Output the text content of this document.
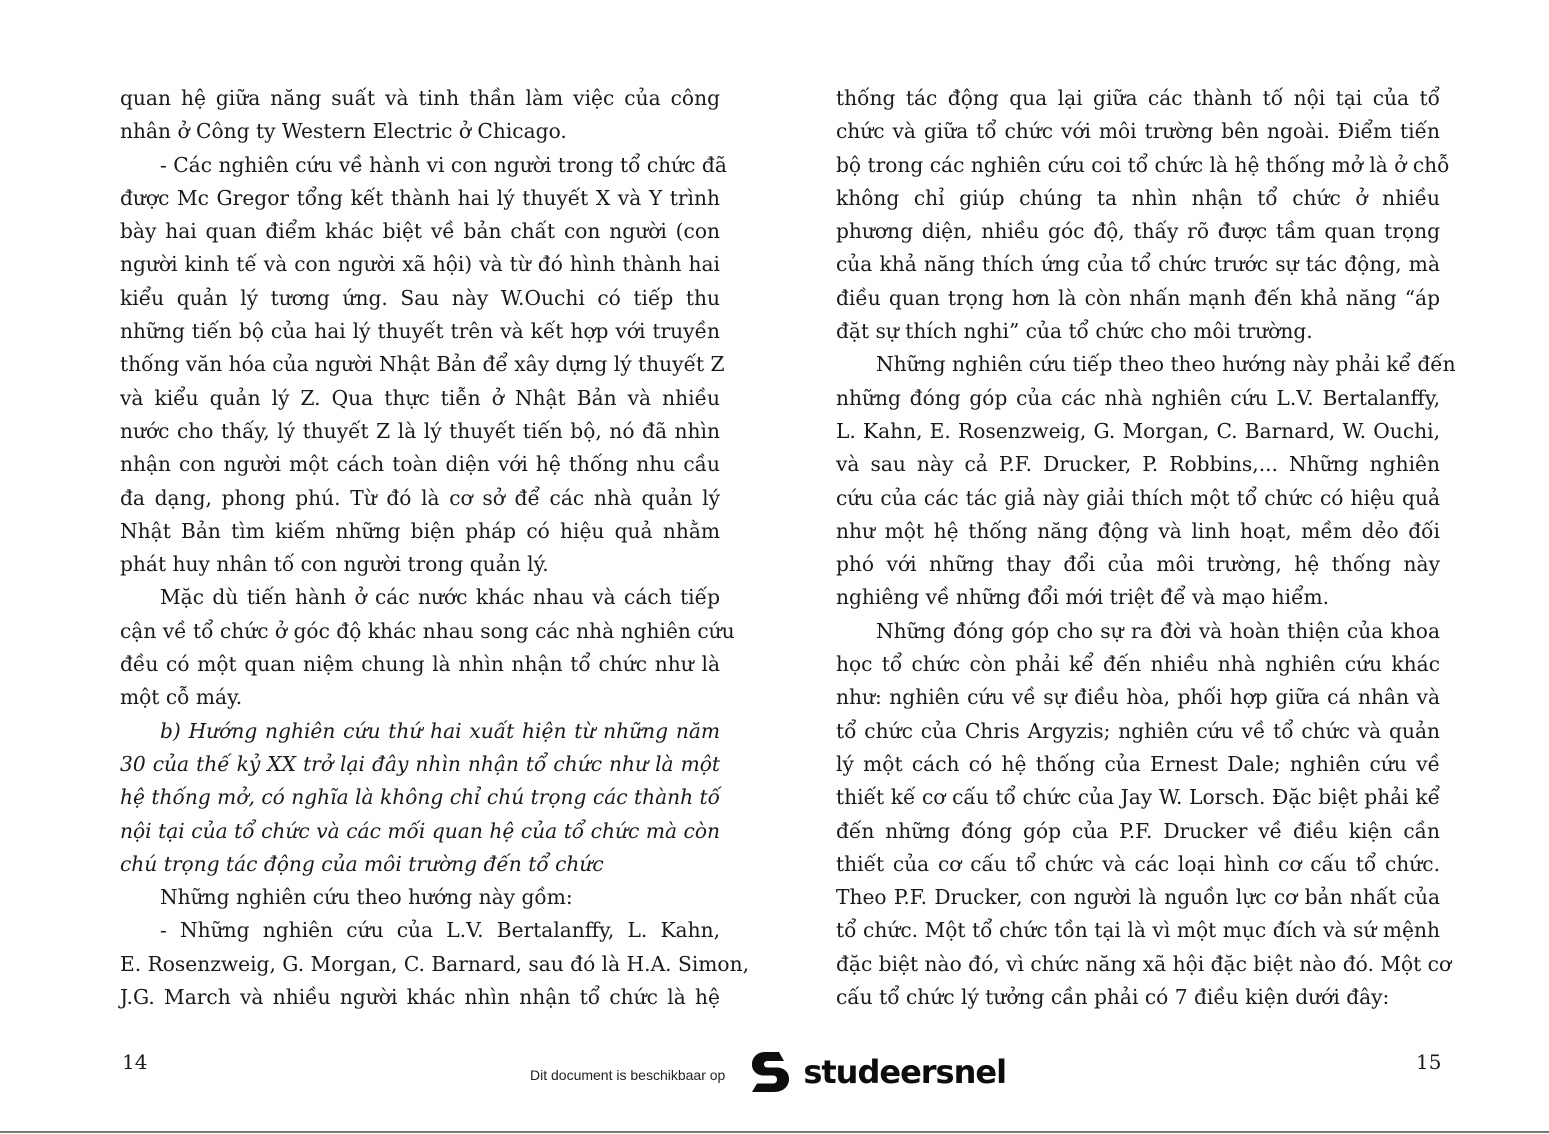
quan hệ giữa năng suất và tinh thần làm việc của công
nhân ở Công ty Western Electric ở Chicago.
- Các nghiên cứu về hành vi con người trong tổ chức đã
được Mc Gregor tổng kết thành hai lý thuyết X và Y trình
bày hai quan điểm khác biệt về bản chất con người (con
người kinh tế và con người xã hội) và từ đó hình thành hai
kiểu quản lý tương ứng. Sau này W.Ouchi có tiếp thu
những tiến bộ của hai lý thuyết trên và kết hợp với truyền
thống văn hóa của người Nhật Bản để xây dựng lý thuyết Z
và kiểu quản lý Z. Qua thực tiễn ở Nhật Bản và nhiều
nước cho thấy, lý thuyết Z là lý thuyết tiến bộ, nó đã nhìn
nhận con người một cách toàn diện với hệ thống nhu cầu
đa dạng, phong phú. Từ đó là cơ sở để các nhà quản lý
Nhật Bản tìm kiếm những biện pháp có hiệu quả nhằm
phát huy nhân tố con người trong quản lý.
Mặc dù tiến hành ở các nước khác nhau và cách tiếp
cận về tổ chức ở góc độ khác nhau song các nhà nghiên cứu
đều có một quan niệm chung là nhìn nhận tổ chức như là
một cỗ máy.
b) Hướng nghiên cứu thứ hai xuất hiện từ những năm
30 của thế kỷ XX trở lại đây nhìn nhận tổ chức như là một
hệ thống mở, có nghĩa là không chỉ chú trọng các thành tố
nội tại của tổ chức và các mối quan hệ của tổ chức mà còn
chú trọng tác động của môi trường đến tổ chức
Những nghiên cứu theo hướng này gồm:
- Những nghiên cứu của L.V. Bertalanffy, L. Kahn,
E. Rosenzweig, G. Morgan, C. Barnard, sau đó là H.A. Simon,
J.G. March và nhiều người khác nhìn nhận tổ chức là hệ
thống tác động qua lại giữa các thành tố nội tại của tổ
chức và giữa tổ chức với môi trường bên ngoài. Điểm tiến
bộ trong các nghiên cứu coi tổ chức là hệ thống mở là ở chỗ
không chỉ giúp chúng ta nhìn nhận tổ chức ở nhiều
phương diện, nhiều góc độ, thấy rõ được tầm quan trọng
của khả năng thích ứng của tổ chức trước sự tác động, mà
điều quan trọng hơn là còn nhấn mạnh đến khả năng “áp
đặt sự thích nghi” của tổ chức cho môi trường.
Những nghiên cứu tiếp theo theo hướng này phải kể đến
những đóng góp của các nhà nghiên cứu L.V. Bertalanffy,
L. Kahn, E. Rosenzweig, G. Morgan, C. Barnard, W. Ouchi,
và sau này cả P.F. Drucker, P. Robbins,... Những nghiên
cứu của các tác giả này giải thích một tổ chức có hiệu quả
như một hệ thống năng động và linh hoạt, mềm dẻo đối
phó với những thay đổi của môi trường, hệ thống này
nghiêng về những đổi mới triệt để và mạo hiểm.
Những đóng góp cho sự ra đời và hoàn thiện của khoa
học tổ chức còn phải kể đến nhiều nhà nghiên cứu khác
như: nghiên cứu về sự điều hòa, phối hợp giữa cá nhân và
tổ chức của Chris Argyzis; nghiên cứu về tổ chức và quản
lý một cách có hệ thống của Ernest Dale; nghiên cứu về
thiết kế cơ cấu tổ chức của Jay W. Lorsch. Đặc biệt phải kể
đến những đóng góp của P.F. Drucker về điều kiện cần
thiết của cơ cấu tổ chức và các loại hình cơ cấu tổ chức.
Theo P.F. Drucker, con người là nguồn lực cơ bản nhất của
tổ chức. Một tổ chức tồn tại là vì một mục đích và sứ mệnh
đặc biệt nào đó, vì chức năng xã hội đặc biệt nào đó. Một cơ
cấu tổ chức lý tưởng cần phải có 7 điều kiện dưới đây:
14	15
Dit document is beschikbaar op studeersnel
